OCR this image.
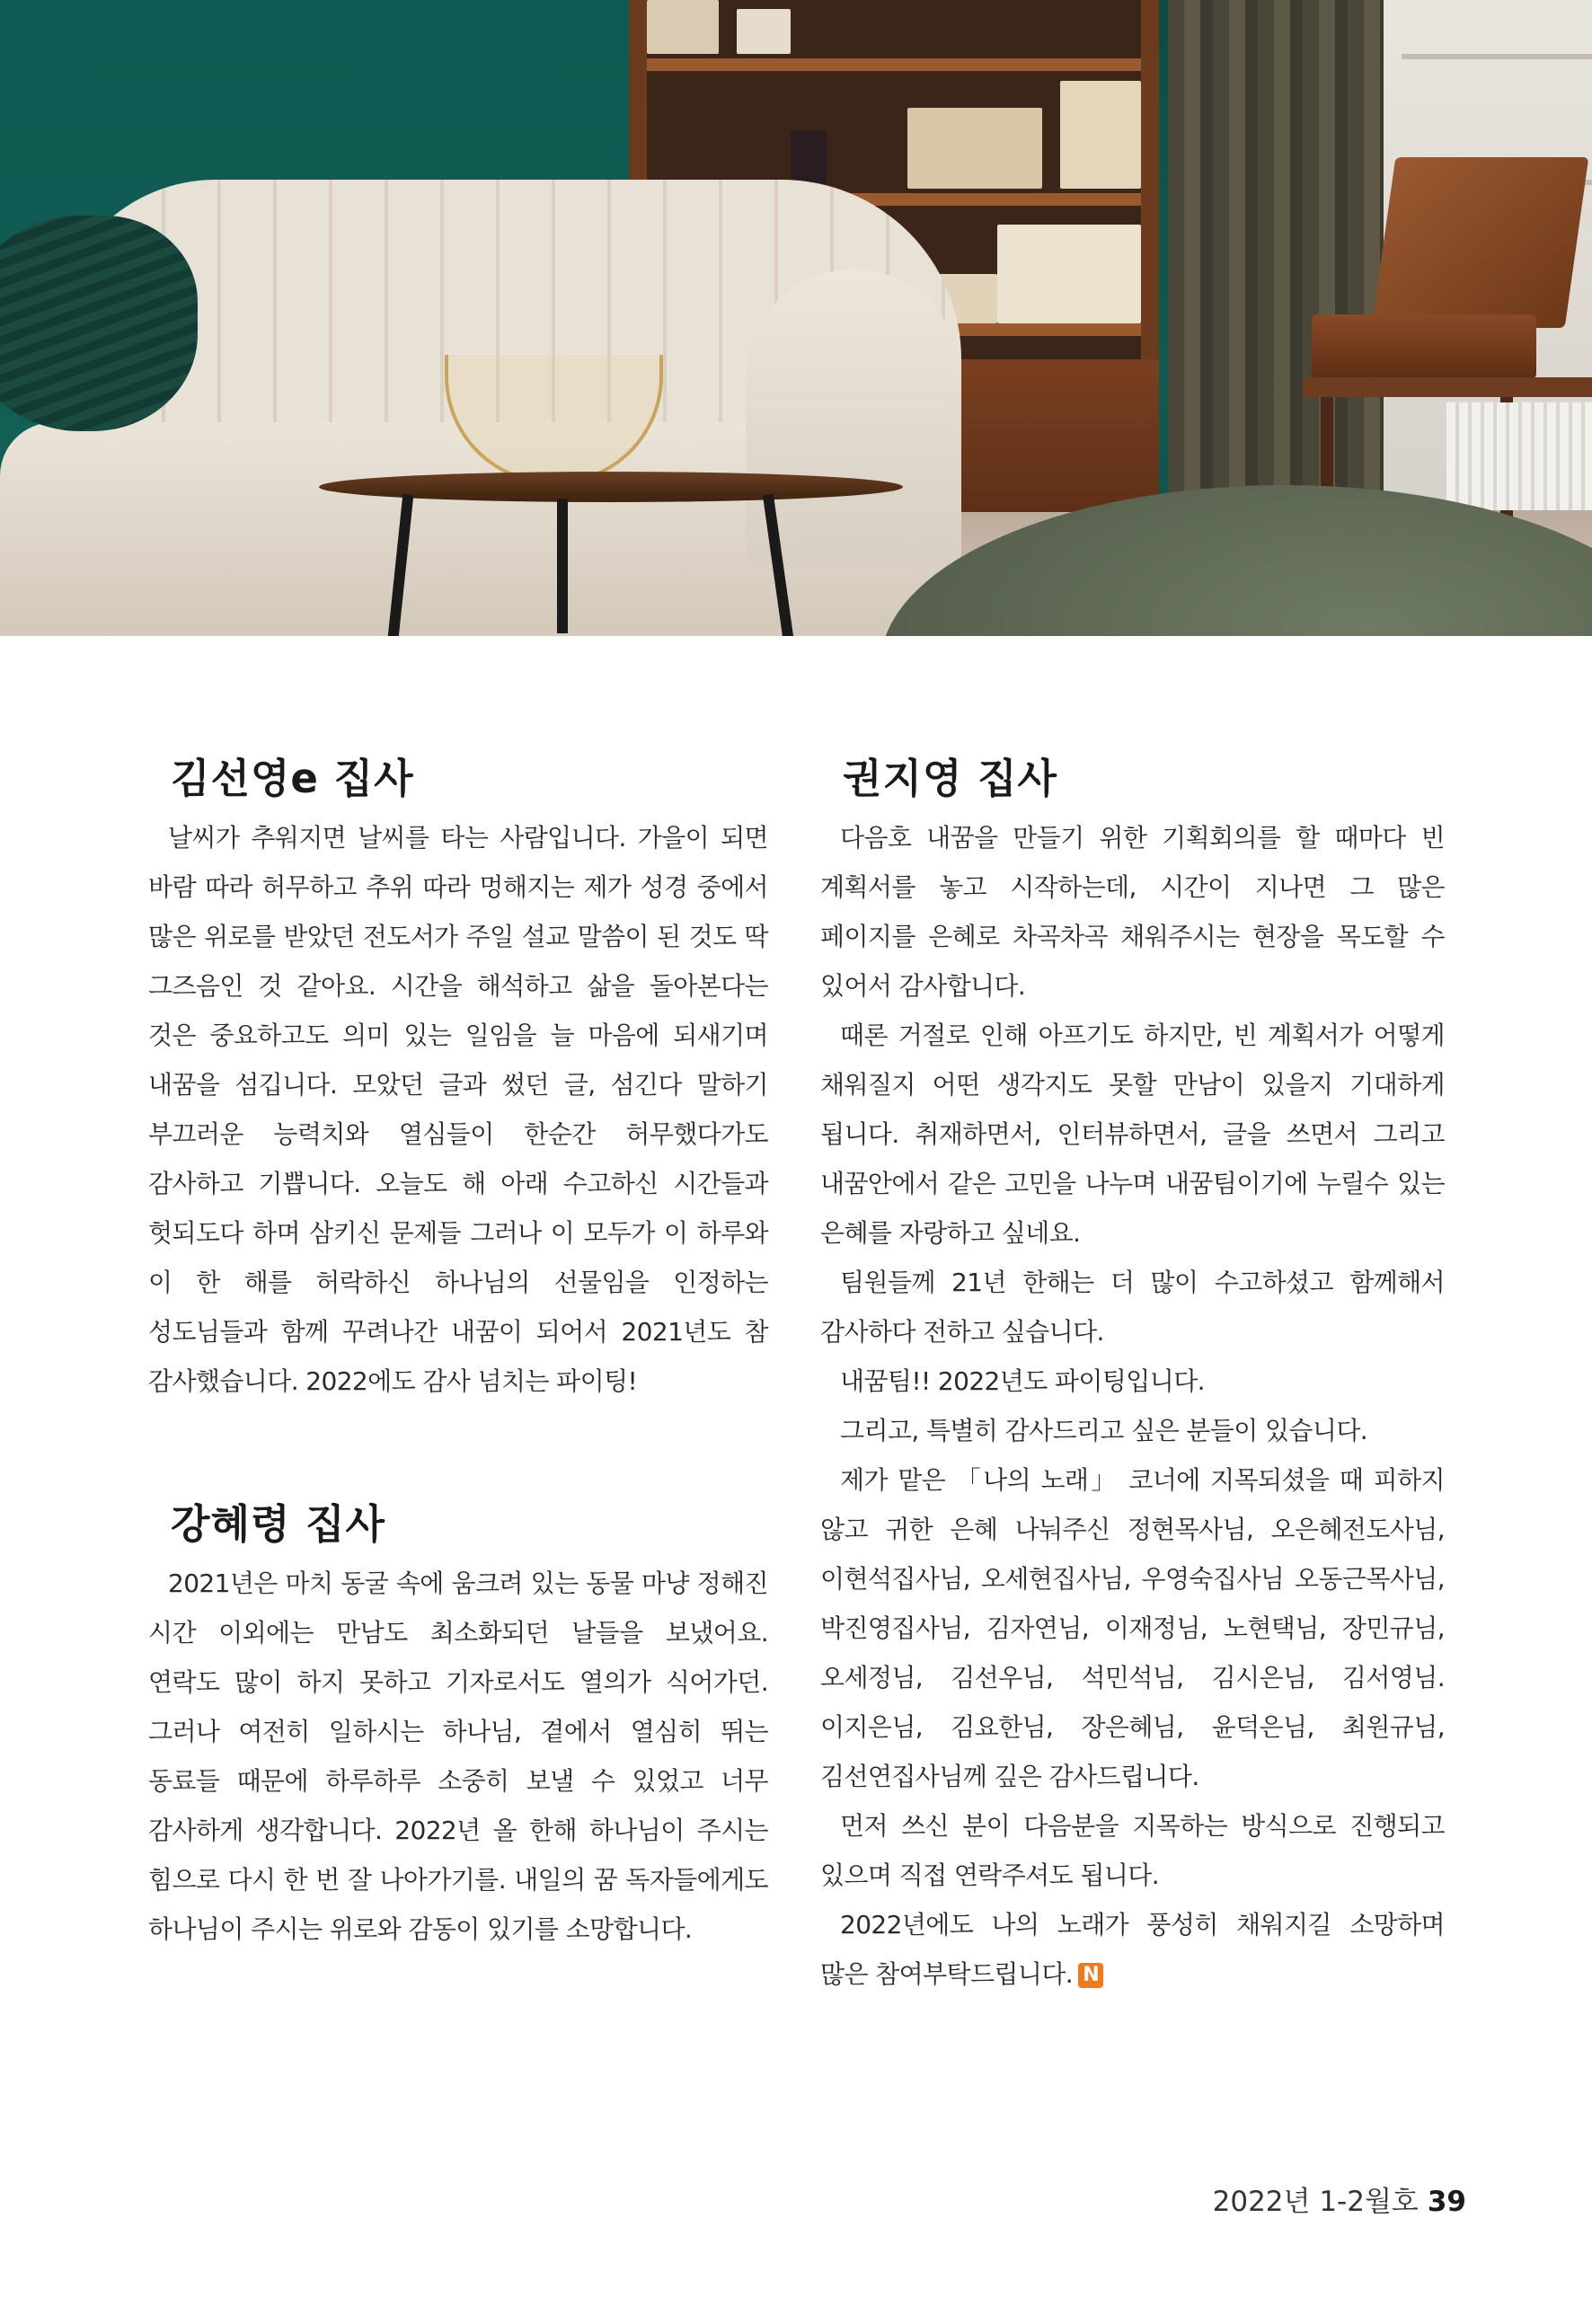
김선영e 집사

날씨가 추워지면 날씨를 타는 사람입니다. 가을이 되면 바람 따라 허무하고 추위 따라 멍해지는 제가 성경 중에서 많은 위로를 받았던 전도서가 주일 설교 말씀이 된 것도 딱 그즈음인 것 같아요. 시간을 해석하고 삶을 돌아본다는 것은 중요하고도 의미 있는 일임을 늘 마음에 되새기며 내꿈을 섬깁니다. 모았던 글과 썼던 글, 섬긴다 말하기 부끄러운 능력치와 열심들이 한순간 허무했다가도 감사하고 기쁩니다. 오늘도 해 아래 수고하신 시간들과 헛되도다 하며 삼키신 문제들 그러나 이 모두가 이 하루와 이 한 해를 허락하신 하나님의 선물임을 인정하는 성도님들과 함께 꾸려나간 내꿈이 되어서 2021년도 참 감사했습니다. 2022에도 감사 넘치는 파이팅!

강혜령 집사

2021년은 마치 동굴 속에 움크려 있는 동물 마냥 정해진 시간 이외에는 만남도 최소화되던 날들을 보냈어요. 연락도 많이 하지 못하고 기자로서도 열의가 식어가던. 그러나 여전히 일하시는 하나님, 곁에서 열심히 뛰는 동료들 때문에 하루하루 소중히 보낼 수 있었고 너무 감사하게 생각합니다. 2022년 올 한해 하나님이 주시는 힘으로 다시 한 번 잘 나아가기를. 내일의 꿈 독자들에게도 하나님이 주시는 위로와 감동이 있기를 소망합니다.

권지영 집사

다음호 내꿈을 만들기 위한 기획회의를 할 때마다 빈 계획서를 놓고 시작하는데, 시간이 지나면 그 많은 페이지를 은혜로 차곡차곡 채워주시는 현장을 목도할 수 있어서 감사합니다.

때론 거절로 인해 아프기도 하지만, 빈 계획서가 어떻게 채워질지 어떤 생각지도 못할 만남이 있을지 기대하게 됩니다. 취재하면서, 인터뷰하면서, 글을 쓰면서 그리고 내꿈안에서 같은 고민을 나누며 내꿈팀이기에 누릴수 있는 은혜를 자랑하고 싶네요.

팀원들께 21년 한해는 더 많이 수고하셨고 함께해서 감사하다 전하고 싶습니다.

내꿈팀!! 2022년도 파이팅입니다.

그리고, 특별히 감사드리고 싶은 분들이 있습니다.

제가 맡은 「나의 노래」 코너에 지목되셨을 때 피하지 않고 귀한 은혜 나눠주신 정현목사님, 오은혜전도사님, 이현석집사님, 오세현집사님, 우영숙집사님 오동근목사님, 박진영집사님, 김자연님, 이재정님, 노현택님, 장민규님, 오세정님, 김선우님, 석민석님, 김시은님, 김서영님. 이지은님, 김요한님, 장은혜님, 윤덕은님, 최원규님, 김선연집사님께 깊은 감사드립니다.

먼저 쓰신 분이 다음분을 지목하는 방식으로 진행되고 있으며 직접 연락주셔도 됩니다.

2022년에도 나의 노래가 풍성히 채워지길 소망하며 많은 참여부탁드립니다. N

2022년 1-2월호 39
